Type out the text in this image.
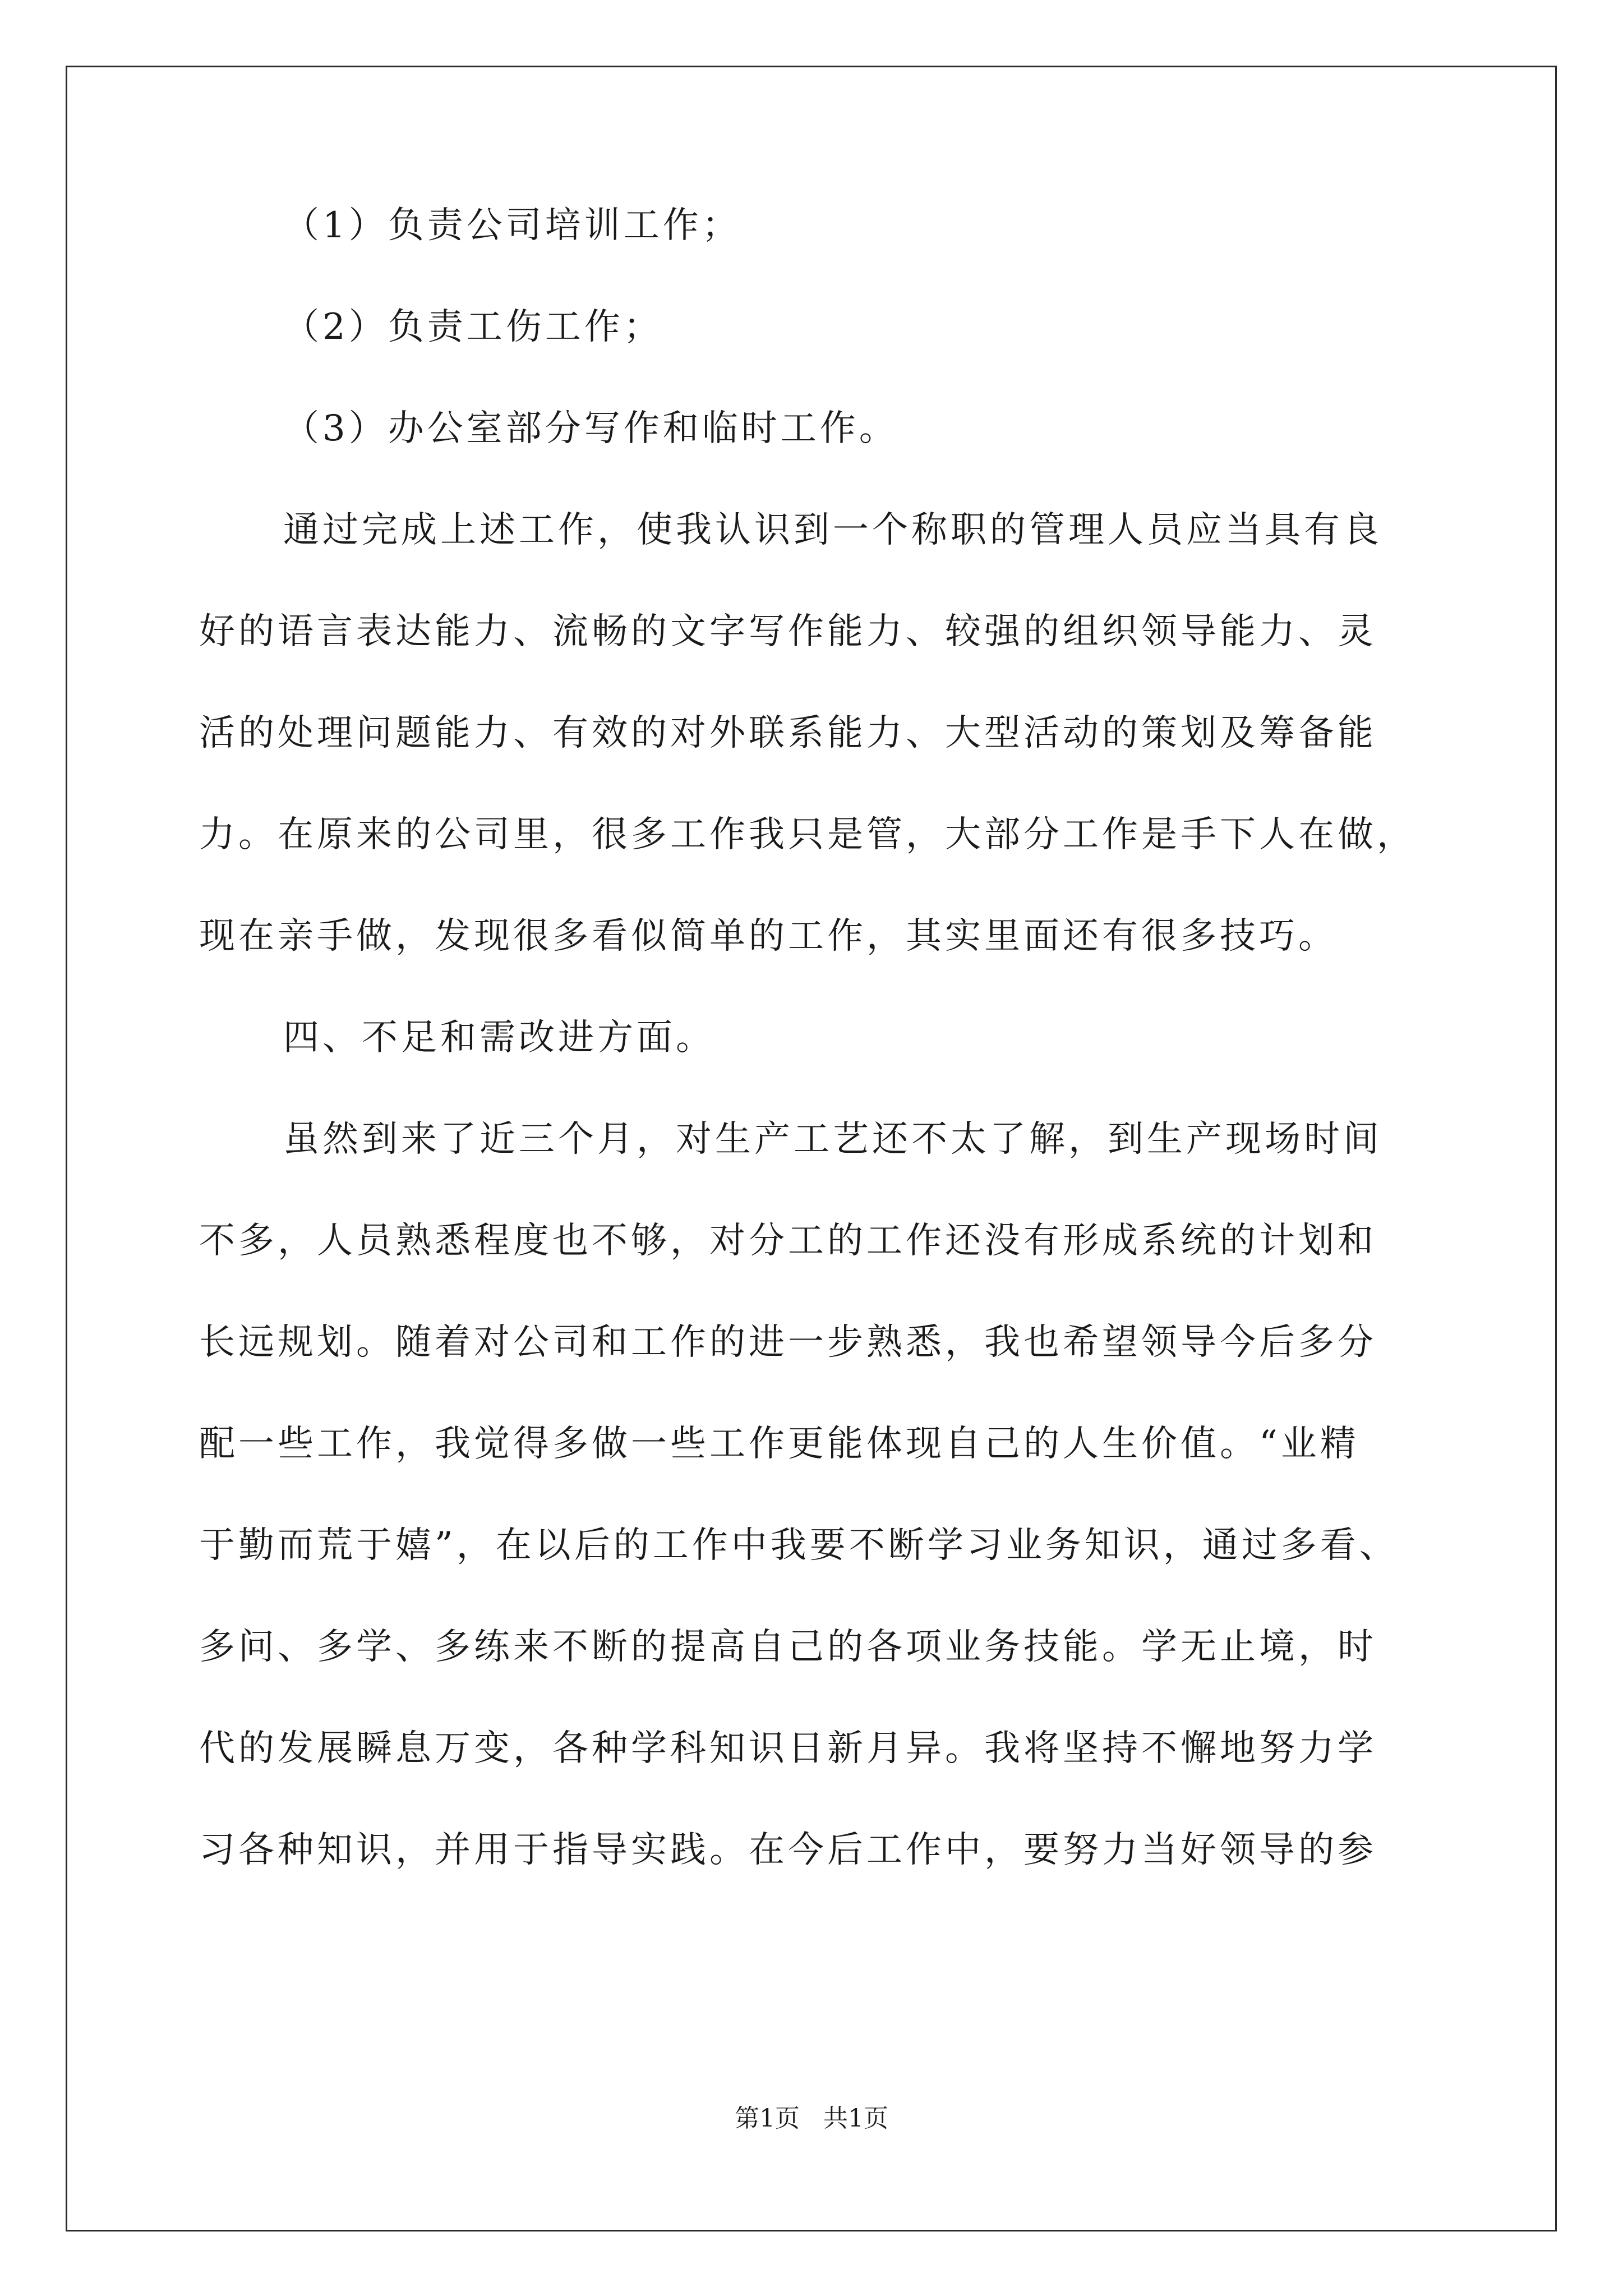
（1）负责公司培训工作；
（2）负责工伤工作；
（3）办公室部分写作和临时工作。
通过完成上述工作，使我认识到一个称职的管理人员应当具有良
好的语言表达能力、流畅的文字写作能力、较强的组织领导能力、灵
活的处理问题能力、有效的对外联系能力、大型活动的策划及筹备能
力。在原来的公司里，很多工作我只是管，大部分工作是手下人在做，
现在亲手做，发现很多看似简单的工作，其实里面还有很多技巧。
四、不足和需改进方面。
虽然到来了近三个月，对生产工艺还不太了解，到生产现场时间
不多，人员熟悉程度也不够，对分工的工作还没有形成系统的计划和
长远规划。随着对公司和工作的进一步熟悉，我也希望领导今后多分
配一些工作，我觉得多做一些工作更能体现自己的人生价值。“业精
于勤而荒于嬉”，在以后的工作中我要不断学习业务知识，通过多看、
多问、多学、多练来不断的提高自己的各项业务技能。学无止境，时
代的发展瞬息万变，各种学科知识日新月异。我将坚持不懈地努力学
习各种知识，并用于指导实践。在今后工作中，要努力当好领导的参
第1页 共1页
